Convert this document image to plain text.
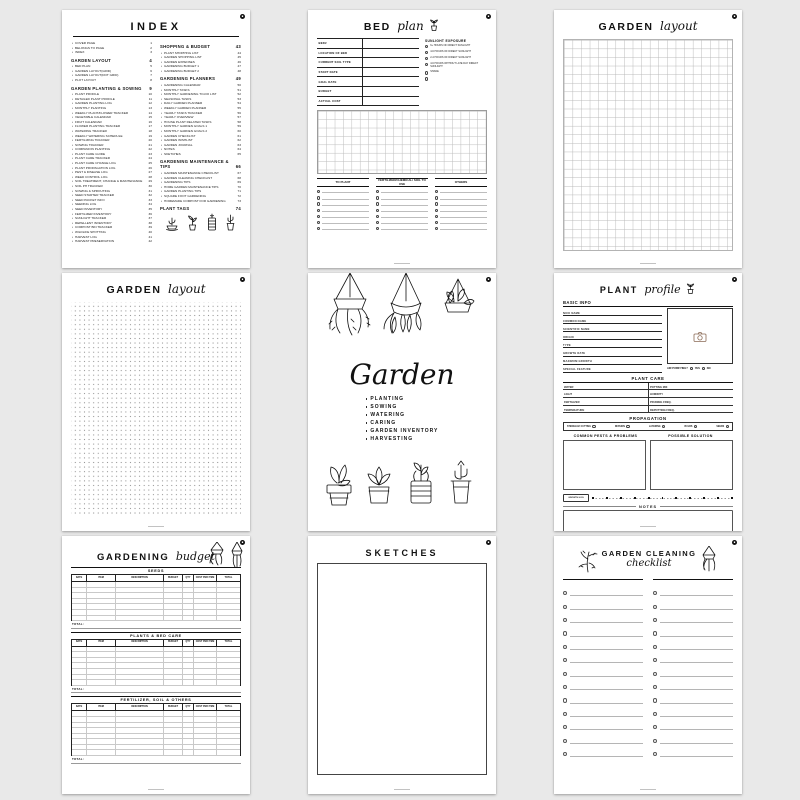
INDEX
• COVER PAGE	1
• BELONGS TO PAGE	2
• INDEX	3
GARDEN LAYOUT	4
• BED PLAN	5
• GARDEN LAYOUT(GRID)	6
• GARDEN LAYOUT(DOT GRID)	7
• PLOT LAYOUT	8
GARDEN PLANTING & SOWING	9
• PLANT PROFILE	10
• DETAILED PLANT PROFILE	11
• GARDEN PLANTING LOG	12
• MONTHLY PLANTING	13
• WEEKLY PLANT/FLOWER TRACKER	14
• VEGETABLE CALENDAR	15
• FRUIT CALENDAR	16
• FLOWER PLANTING TRACKER	17
• WATERING TRACKER	18
• WEEKLY WATERING SCHEDULE	19
• FERTILIZING TRACKER	20
• SOWING TRACKER	21
• COMPANION PLANTING	22
• PLANT CARE GUIDE	23
• PLANT CARE TRACKER	24
• PLANT CARE CHANGE LOG	25
• PLANT PROPAGATION LOG	26
• PEST & DISEASE LOG	27
• WEED CONTROL LOG	28
• SOIL TREATMENT, CHANGE & MAINTENANCE	29
• SOIL PH TRACKER	30
• SOWING & SPROUTING	31
• SEED STARTER TRACKER	32
• SEED PACKET INFO	33
• SEEDING LOG	34
• SEED INVENTORY	35
• FERTILIZER INVENTORY	36
• SUNLIGHT TRACKER	37
• REPELLENT INVENTORY	38
• COMPOST BIN TRACKER	39
• WILDLIFE SPOTTING	40
• HARVEST LOG	41
• HARVEST PRESERVATION	42
SHOPPING & BUDGET	43
• PLANT SHOPPING LIST	44
• GARDEN SHOPPING LIST	45
• GARDEN EXPENSES	46
• GARDENING BUDGET 1	47
• GARDENING BUDGET 2	48
GARDENING PLANNERS	49
• GARDENING CALENDAR	50
• MONTHLY TASKS	51
• MONTHLY GARDENING TO-DO LIST	52
• SEASONAL TASKS	53
• DAILY GARDEN PLANNER	54
• WEEKLY GARDEN PLANNER	55
• YEARLY TASKS TRACKER	56
• YEARLY OVERVIEW	57
• HOUSE PLANT RELATED TASKS	58
• MONTHLY GARDEN GOALS 1	59
• MONTHLY GARDEN GOALS 2	60
• GARDEN CHECKLIST	61
• GARDEN WISHLIST	62
• GARDEN JOURNAL	63
• NOTES	64
• SKETCHES	65
GARDENING MAINTENANCE & TIPS	66
• GARDEN MAINTENANCE CHECKLIST	67
• GARDEN CLEANING CHECKLIST	68
• GARDENING TIPS	69
• HOME GARDEN MAINTENANCE TIPS	70
• GARDEN PLANTING TIPS	71
• SQUARE FOOT GARDENING	72
• HOMEMADE COMPOST FOR GARDENING	73
PLANT TAGS	74
BED plan
BED#
LOCATION OF BED
CURRENT SOIL TYPE
START DATE
GOAL DATE
BUDGET
ACTUAL COST
SUNLIGHT EXPOSURE
6+ HOURS OF DIRECT SUNLIGHT
4-6 HOURS OF DIRECT SUNLIGHT
2-4 HOURS OF DIRECT SUNLIGHT
4-6 HOURS WITHOUT LATE DAY DIRECT SUNLIGHT
SHADE
TO PLANT	FERTILIZER/CHEMICAL/ SOIL TO USE	OTHERS
GARDEN layout
GARDEN layout
Garden
PLANTING
SOWING
WATERING
CARING
GARDEN INVENTORY
HARVESTING
PLANT profile
BASIC INFO
NICK NAME
COMMON NAME
SCIENTIFIC NAME
ORIGIN
TYPE
GROWTH RATE
MAXIMUM GROWTH
SPECIAL FEATURE	AIR PURIFYING?	YES	NO
PLANT CARE
WATER	POTTING MIX
LIGHT	HUMIDITY
FERTILIZER	PRUNING FREQ.
TEMPERATURE	REPOTTING FREQ.
PROPAGATION
STEM/LEAF CUTTING	DIVISION	LAYERING	BULBS	SEEDS
COMMON PESTS & PROBLEMS	POSSIBLE SOLUTION
GROWTH LOG
NOTES
GARDENING budget
SEEDS
DATE	ITEM	DESCRIPTION	BUDGET	QTY	COST PER ITEM	TOTAL
TOTAL:
PLANTS & BED CARE
DATE	ITEM	DESCRIPTION	BUDGET	QTY	COST PER ITEM	TOTAL
TOTAL:
FERTILIZER, SOIL & OTHERS
DATE	ITEM	DESCRIPTION	BUDGET	QTY	COST PER ITEM	TOTAL
TOTAL:
SKETCHES	GARDEN CLEANING
checklist
